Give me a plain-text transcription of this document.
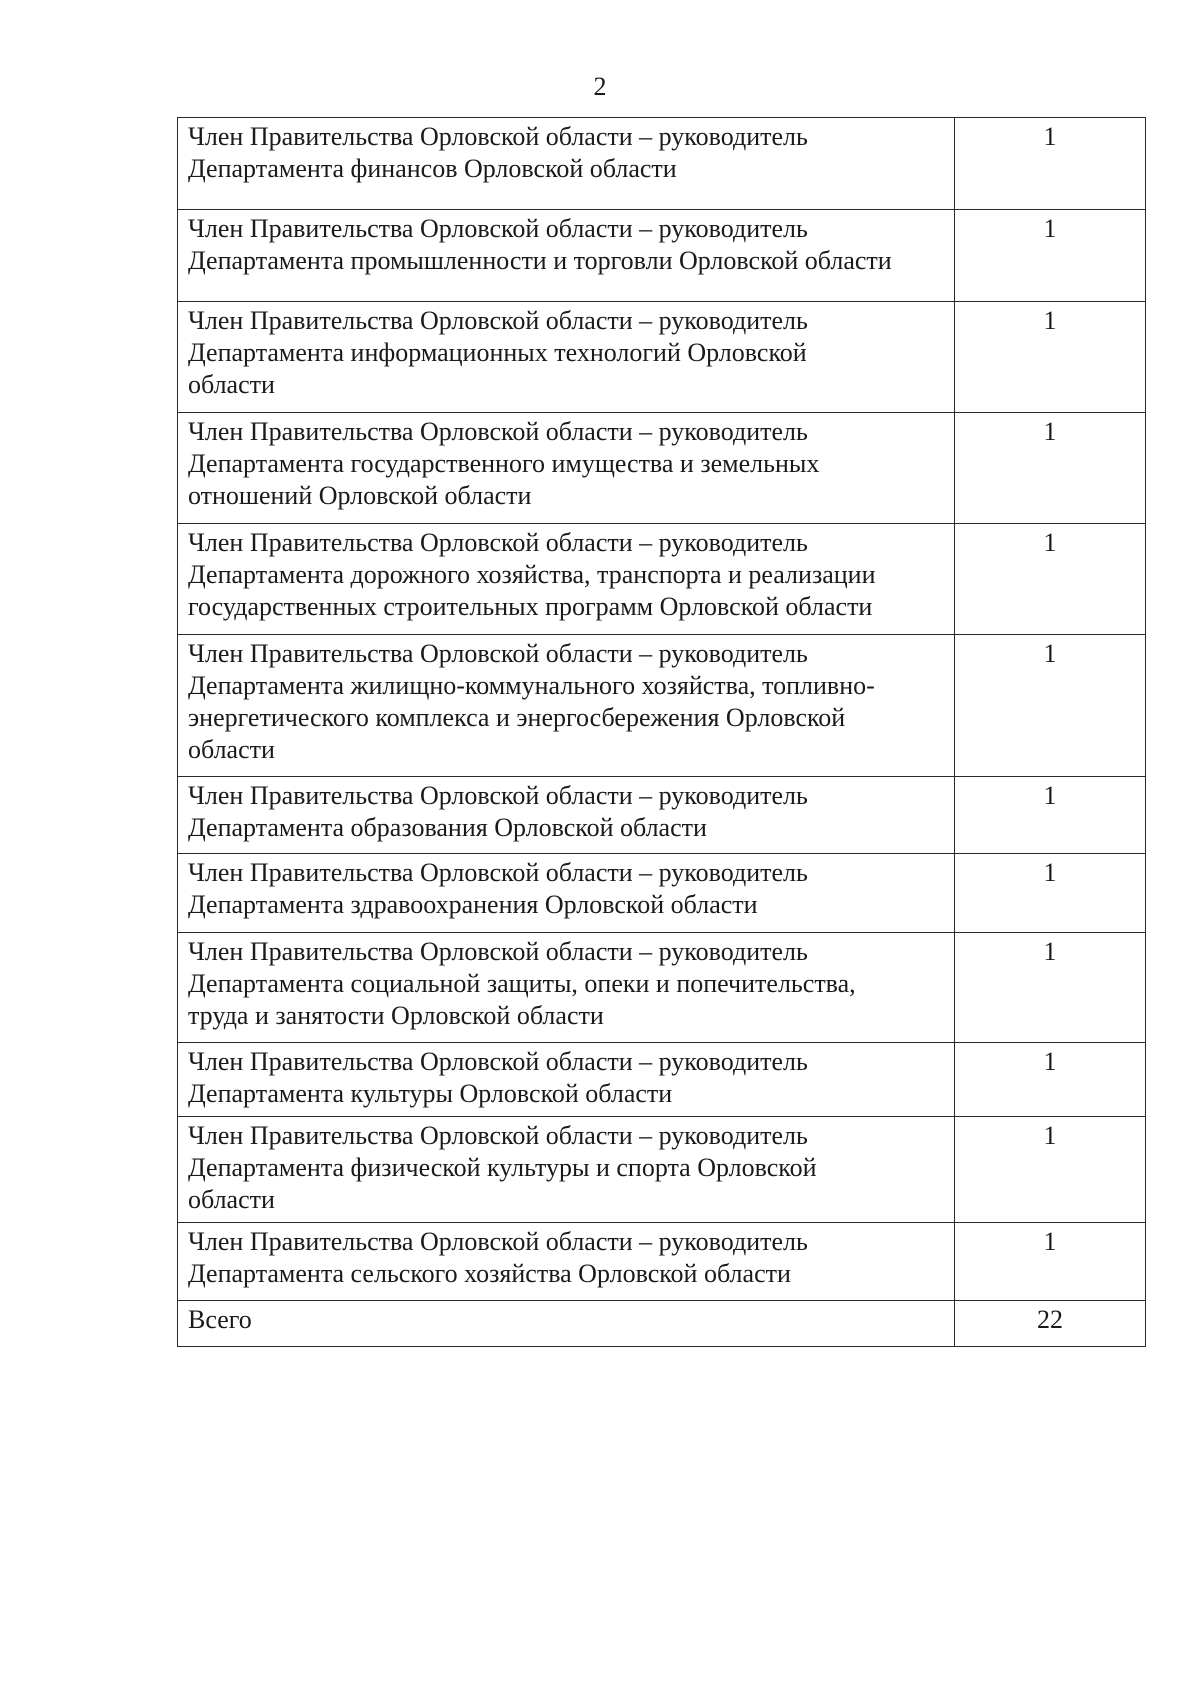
2
Член Правительства Орловской области – руководитель
Департамента финансов Орловской области	1

Член Правительства Орловской области – руководитель
Департамента промышленности и торговли Орловской области	1

Член Правительства Орловской области – руководитель
Департамента информационных технологий Орловской
области	1

Член Правительства Орловской области – руководитель
Департамента государственного имущества и земельных
отношений Орловской области	1

Член Правительства Орловской области – руководитель
Департамента дорожного хозяйства, транспорта и реализации
государственных строительных программ Орловской области	1

Член Правительства Орловской области – руководитель
Департамента жилищно-коммунального хозяйства, топливно-
энергетического комплекса и энергосбережения Орловской
области	1

Член Правительства Орловской области – руководитель
Департамента образования Орловской области	1

Член Правительства Орловской области – руководитель
Департамента здравоохранения Орловской области	1

Член Правительства Орловской области – руководитель
Департамента социальной защиты, опеки и попечительства,
труда и занятости Орловской области	1

Член Правительства Орловской области – руководитель
Департамента культуры Орловской области	1

Член Правительства Орловской области – руководитель
Департамента физической культуры и спорта Орловской
области	1

Член Правительства Орловской области – руководитель
Департамента сельского хозяйства Орловской области	1

Всего	22
